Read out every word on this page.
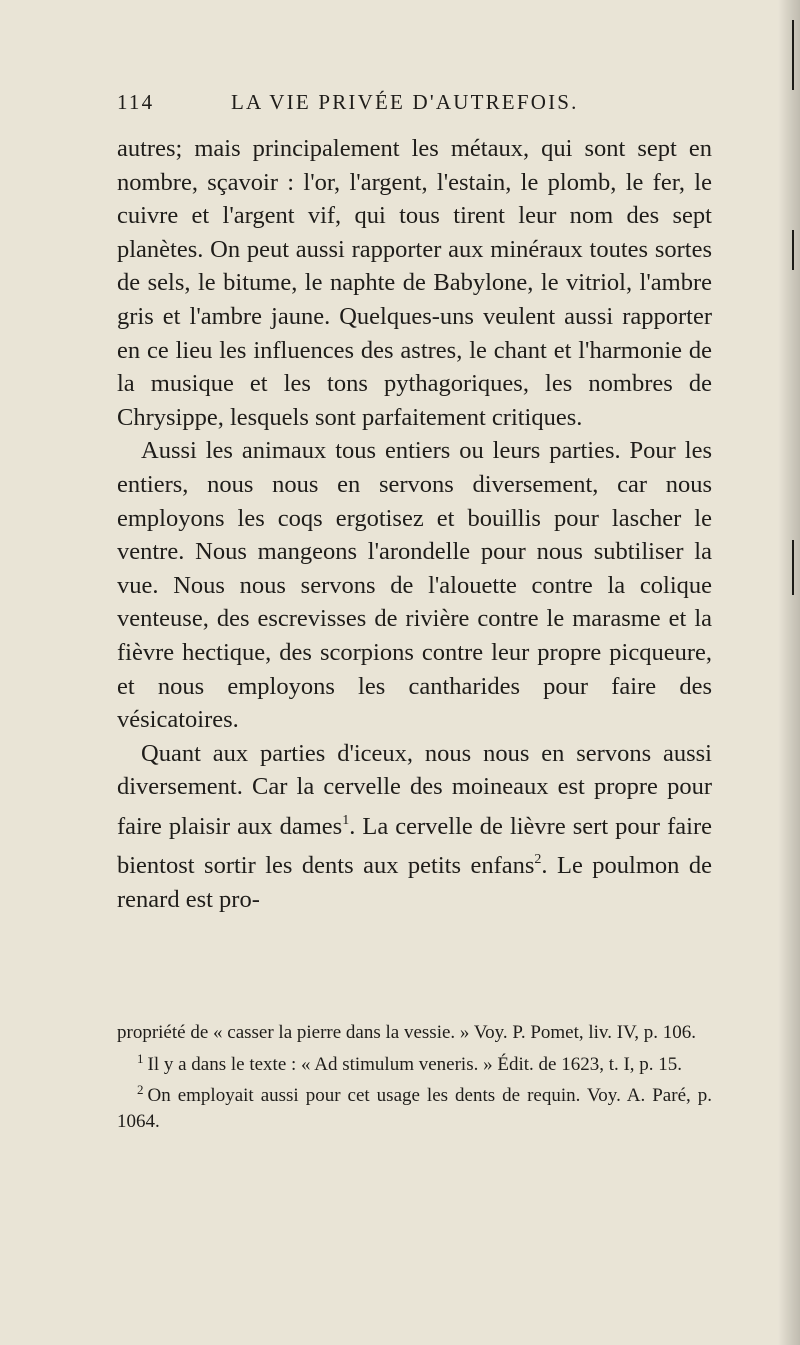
114	LA VIE PRIVÉE D'AUTREFOIS.

autres; mais principalement les métaux, qui sont sept en nombre, sçavoir : l'or, l'argent, l'estain, le plomb, le fer, le cuivre et l'argent vif, qui tous tirent leur nom des sept planètes. On peut aussi rapporter aux minéraux toutes sortes de sels, le bitume, le naphte de Babylone, le vitriol, l'ambre gris et l'ambre jaune. Quelques-uns veulent aussi rapporter en ce lieu les influences des astres, le chant et l'harmonie de la musique et les tons pythagoriques, les nombres de Chrysippe, lesquels sont parfaitement critiques.

Aussi les animaux tous entiers ou leurs parties. Pour les entiers, nous nous en servons diversement, car nous employons les coqs ergotisez et bouillis pour lascher le ventre. Nous mangeons l'arondelle pour nous subtiliser la vue. Nous nous servons de l'alouette contre la colique venteuse, des escrevisses de rivière contre le marasme et la fièvre hectique, des scorpions contre leur propre picqueure, et nous employons les cantharides pour faire des vésicatoires.

Quant aux parties d'iceux, nous nous en servons aussi diversement. Car la cervelle des moineaux est propre pour faire plaisir aux dames$^1$. La cervelle de lièvre sert pour faire bientost sortir les dents aux petits enfans$^2$. Le poulmon de renard est pro-

propriété de « casser la pierre dans la vessie. » Voy. P. Pomet, liv. IV, p. 106.

$^1$ Il y a dans le texte : « Ad stimulum veneris. » Édit. de 1623, t. I, p. 15.

$^2$ On employait aussi pour cet usage les dents de requin. Voy. A. Paré, p. 1064.
